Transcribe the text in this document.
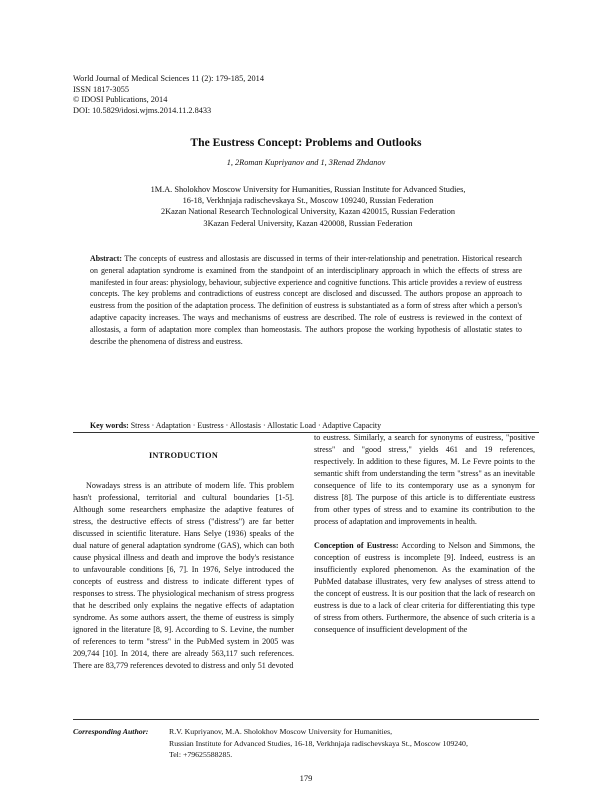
World Journal of Medical Sciences 11 (2): 179-185, 2014
ISSN 1817-3055
© IDOSI Publications, 2014
DOI: 10.5829/idosi.wjms.2014.11.2.8433
The Eustress Concept: Problems and Outlooks
1, 2Roman Kupriyanov and 1, 3Renad Zhdanov
1M.A. Sholokhov Moscow University for Humanities, Russian Institute for Advanced Studies,
16-18, Verkhnjaja radischevskaya St., Moscow 109240, Russian Federation
2Kazan National Research Technological University, Kazan 420015, Russian Federation
3Kazan Federal University, Kazan 420008, Russian Federation
Abstract: The concepts of eustress and allostasis are discussed in terms of their inter-relationship and penetration. Historical research on general adaptation syndrome is examined from the standpoint of an interdisciplinary approach in which the effects of stress are manifested in four areas: physiology, behaviour, subjective experience and cognitive functions. This article provides a review of eustress concepts. The key problems and contradictions of eustress concept are disclosed and discussed. The authors propose an approach to eustress from the position of the adaptation process. The definition of eustress is substantiated as a form of stress after which a person's adaptive capacity increases. The ways and mechanisms of eustress are described. The role of eustress is reviewed in the context of allostasis, a form of adaptation more complex than homeostasis. The authors propose the working hypothesis of allostatic states to describe the phenomena of distress and eustress.
Key words: Stress · Adaptation · Eustress · Allostasis · Allostatic Load · Adaptive Capacity
INTRODUCTION

Nowadays stress is an attribute of modern life. This problem hasn't professional, territorial and cultural boundaries [1-5]. Although some researchers emphasize the adaptive features of stress, the destructive effects of stress ("distress") are far better discussed in scientific literature. Hans Selye (1936) speaks of the dual nature of general adaptation syndrome (GAS), which can both cause physical illness and death and improve the body's resistance to unfavourable conditions [6, 7]. In 1976, Selye introduced the concepts of eustress and distress to indicate different types of responses to stress. The physiological mechanism of stress progress that he described only explains the negative effects of adaptation syndrome. As some authors assert, the theme of eustress is simply ignored in the literature [8, 9]. According to S. Levine, the number of references to term "stress" in the PubMed system in 2005 was 209,744 [10]. In 2014, there are already 563,117 such references. There are 83,779 references devoted to distress and only 51 devoted

to eustress. Similarly, a search for synonyms of eustress, "positive stress" and "good stress," yields 461 and 19 references, respectively. In addition to these figures, M. Le Fevre points to the semantic shift from understanding the term "stress" as an inevitable consequence of life to its contemporary use as a synonym for distress [8]. The purpose of this article is to differentiate eustress from other types of stress and to examine its contribution to the process of adaptation and improvements in health.

Conception of Eustress: According to Nelson and Simmons, the conception of eustress is incomplete [9]. Indeed, eustress is an insufficiently explored phenomenon. As the examination of the PubMed database illustrates, very few analyses of stress attend to the concept of eustress. It is our position that the lack of research on eustress is due to a lack of clear criteria for differentiating this type of stress from others. Furthermore, the absence of such criteria is a consequence of insufficient development of the

Corresponding Author:	R.V. Kupriyanov, M.A. Sholokhov Moscow University for Humanities,
Russian Institute for Advanced Studies, 16-18, Verkhnjaja radischevskaya St., Moscow 109240,
Tel: +79625588285.
179
